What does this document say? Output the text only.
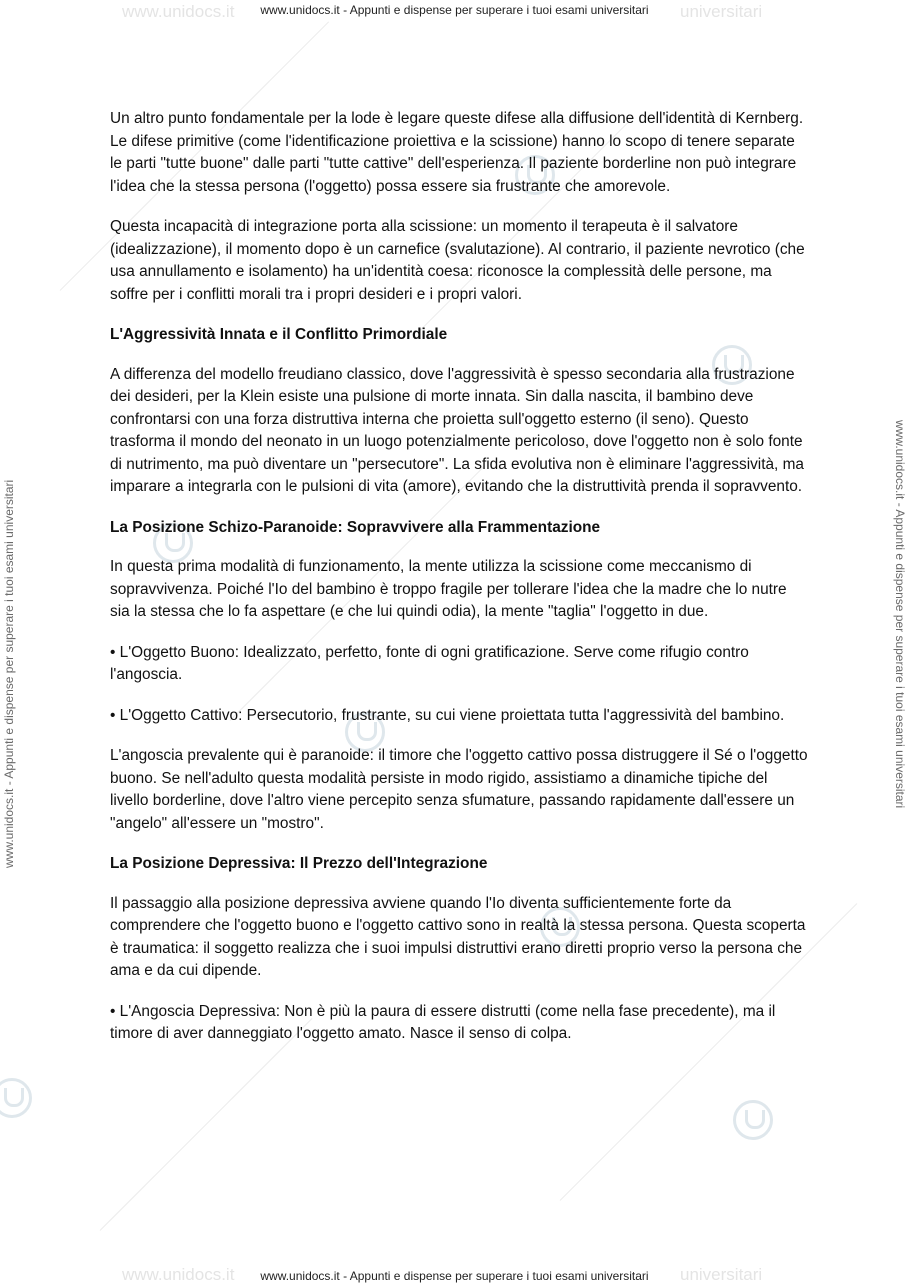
www.unidocs.it	universitari
www.unidocs.it	universitari
www.unidocs.it - Appunti e dispense per superare i tuoi esami universitari
www.unidocs.it - Appunti e dispense per superare i tuoi esami universitari
www.unidocs.it - Appunti e dispense per superare i tuoi esami universitari	www.unidocs.it - Appunti e dispense per superare i tuoi esami universitari

Un altro punto fondamentale per la lode è legare queste difese alla diffusione dell'identità di Kernberg. Le difese primitive (come l'identificazione proiettiva e la scissione) hanno lo scopo di tenere separate le parti "tutte buone" dalle parti "tutte cattive" dell'esperienza. Il paziente borderline non può integrare l'idea che la stessa persona (l'oggetto) possa essere sia frustrante che amorevole.

Questa incapacità di integrazione porta alla scissione: un momento il terapeuta è il salvatore (idealizzazione), il momento dopo è un carnefice (svalutazione). Al contrario, il paziente nevrotico (che usa annullamento e isolamento) ha un'identità coesa: riconosce la complessità delle persone, ma soffre per i conflitti morali tra i propri desideri e i propri valori.

L'Aggressività Innata e il Conflitto Primordiale

A differenza del modello freudiano classico, dove l'aggressività è spesso secondaria alla frustrazione dei desideri, per la Klein esiste una pulsione di morte innata. Sin dalla nascita, il bambino deve confrontarsi con una forza distruttiva interna che proietta sull'oggetto esterno (il seno). Questo trasforma il mondo del neonato in un luogo potenzialmente pericoloso, dove l'oggetto non è solo fonte di nutrimento, ma può diventare un "persecutore". La sfida evolutiva non è eliminare l'aggressività, ma imparare a integrarla con le pulsioni di vita (amore), evitando che la distruttività prenda il sopravvento.

La Posizione Schizo-Paranoide: Sopravvivere alla Frammentazione

In questa prima modalità di funzionamento, la mente utilizza la scissione come meccanismo di sopravvivenza. Poiché l'Io del bambino è troppo fragile per tollerare l'idea che la madre che lo nutre sia la stessa che lo fa aspettare (e che lui quindi odia), la mente "taglia" l'oggetto in due.

• L'Oggetto Buono: Idealizzato, perfetto, fonte di ogni gratificazione. Serve come rifugio contro l'angoscia.

• L'Oggetto Cattivo: Persecutorio, frustrante, su cui viene proiettata tutta l'aggressività del bambino.

L'angoscia prevalente qui è paranoide: il timore che l'oggetto cattivo possa distruggere il Sé o l'oggetto buono. Se nell'adulto questa modalità persiste in modo rigido, assistiamo a dinamiche tipiche del livello borderline, dove l'altro viene percepito senza sfumature, passando rapidamente dall'essere un "angelo" all'essere un "mostro".

La Posizione Depressiva: Il Prezzo dell'Integrazione

Il passaggio alla posizione depressiva avviene quando l'Io diventa sufficientemente forte da comprendere che l'oggetto buono e l'oggetto cattivo sono in realtà la stessa persona. Questa scoperta è traumatica: il soggetto realizza che i suoi impulsi distruttivi erano diretti proprio verso la persona che ama e da cui dipende.

• L'Angoscia Depressiva: Non è più la paura di essere distrutti (come nella fase precedente), ma il timore di aver danneggiato l'oggetto amato. Nasce il senso di colpa.
